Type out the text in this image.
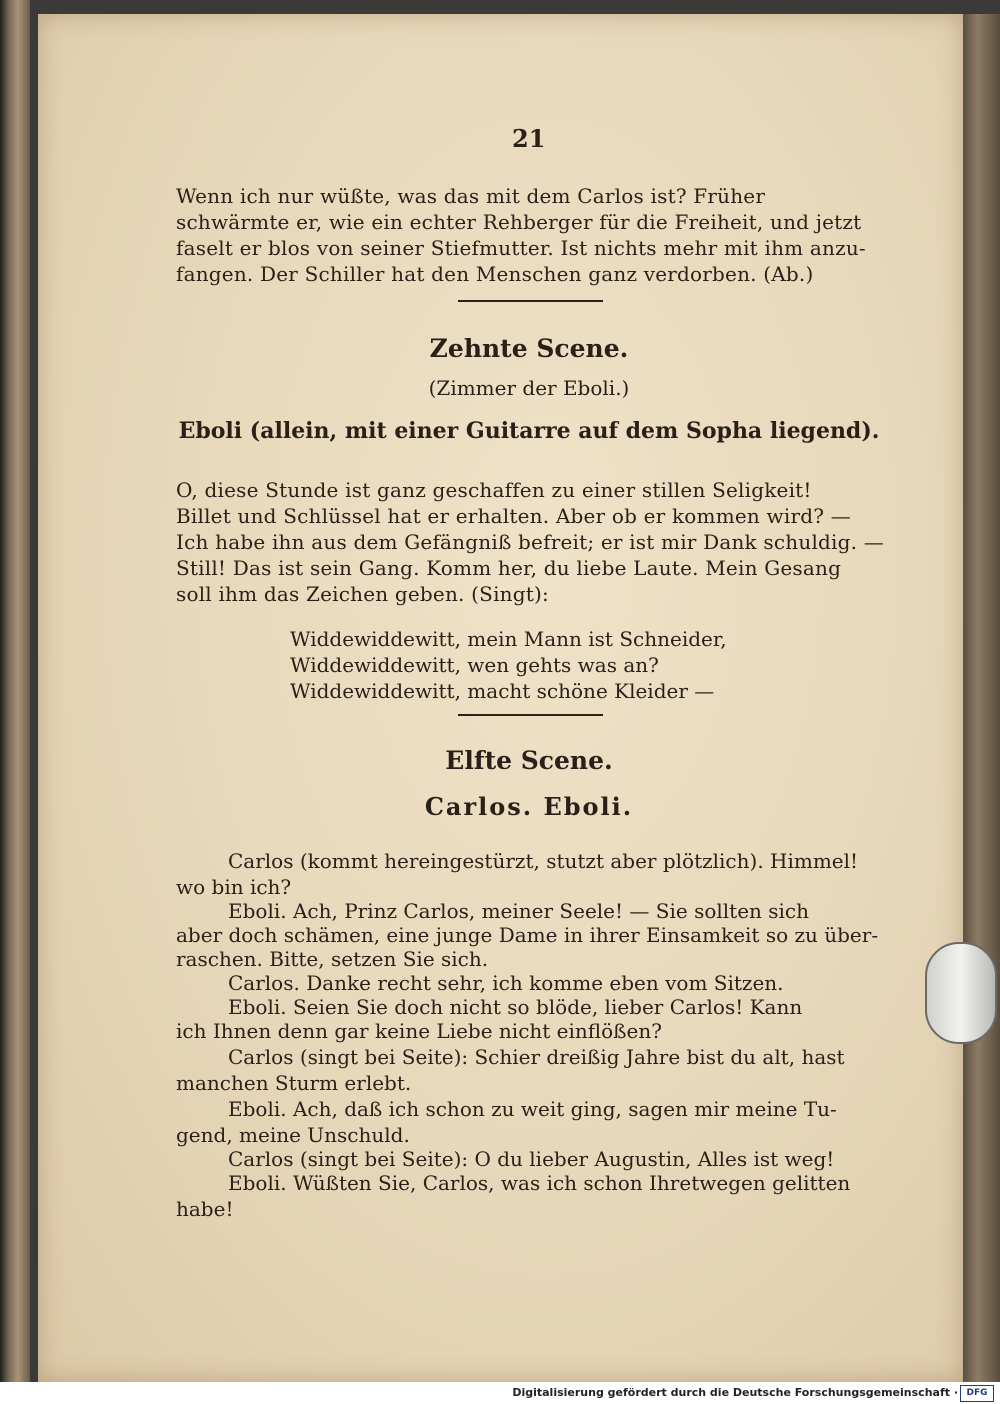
21
Wenn ich nur wüßte, was das mit dem Carlos ist? Früher
schwärmte er, wie ein echter Rehberger für die Freiheit, und jetzt
faselt er blos von seiner Stiefmutter. Ist nichts mehr mit ihm anzu-
fangen. Der Schiller hat den Menschen ganz verdorben. (Ab.)
Zehnte Scene.
(Zimmer der Eboli.)
Eboli (allein, mit einer Guitarre auf dem Sopha liegend).
O, diese Stunde ist ganz geschaffen zu einer stillen Seligkeit!
Billet und Schlüssel hat er erhalten. Aber ob er kommen wird? —
Ich habe ihn aus dem Gefängniß befreit; er ist mir Dank schuldig. —
Still! Das ist sein Gang. Komm her, du liebe Laute. Mein Gesang
soll ihm das Zeichen geben. (Singt):
Widdewiddewitt, mein Mann ist Schneider,
Widdewiddewitt, wen gehts was an?
Widdewiddewitt, macht schöne Kleider —
Elfte Scene.
Carlos. Eboli.
Carlos (kommt hereingestürzt, stutzt aber plötzlich). Himmel!
wo bin ich?
Eboli. Ach, Prinz Carlos, meiner Seele! — Sie sollten sich
aber doch schämen, eine junge Dame in ihrer Einsamkeit so zu über-
raschen. Bitte, setzen Sie sich.
Carlos. Danke recht sehr, ich komme eben vom Sitzen.
Eboli. Seien Sie doch nicht so blöde, lieber Carlos! Kann
ich Ihnen denn gar keine Liebe nicht einflößen?
Carlos (singt bei Seite): Schier dreißig Jahre bist du alt, hast
manchen Sturm erlebt.
Eboli. Ach, daß ich schon zu weit ging, sagen mir meine Tu-
gend, meine Unschuld.
Carlos (singt bei Seite): O du lieber Augustin, Alles ist weg!
Eboli. Wüßten Sie, Carlos, was ich schon Ihretwegen gelitten
habe!
Digitalisierung gefördert durch die Deutsche Forschungsgemeinschaft · DFG
